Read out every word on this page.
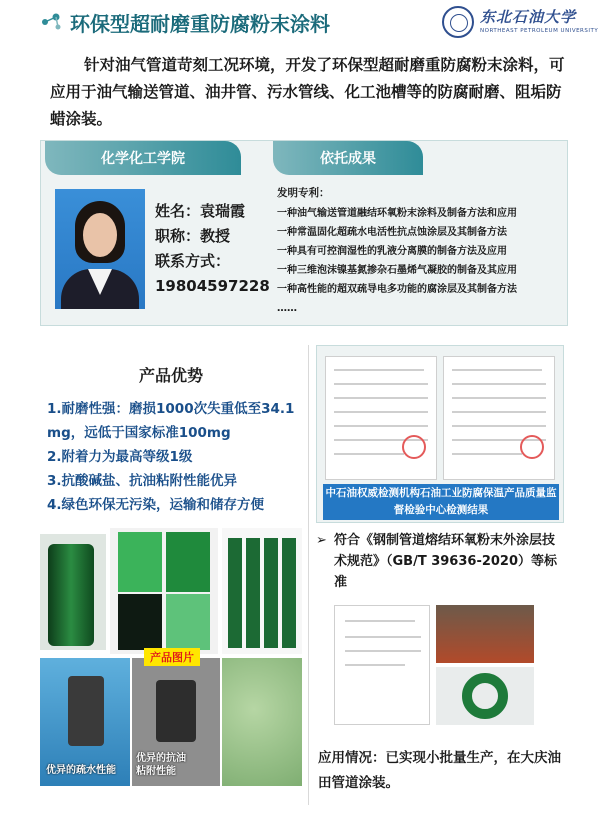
环保型超耐磨重防腐粉末涂料	东北石油大学
NORTHEAST PETROLEUM UNIVERSITY

针对油气管道苛刻工况环境，开发了环保型超耐磨重防腐粉末涂料，可应用于油气输送管道、油井管、污水管线、化工池槽等的防腐耐磨、阻垢防蜡涂装。

化学化工学院	依托成果
姓名：袁瑞霞
职称：教授
联系方式：
19804597228
发明专利：
一种油气输送管道融结环氧粉末涂料及制备方法和应用
一种常温固化超疏水电活性抗点蚀涂层及其制备方法
一种具有可控润湿性的乳液分离膜的制备方法及应用
一种三维泡沫镍基氮掺杂石墨烯气凝胶的制备及其应用
一种高性能的超双疏导电多功能的腐涂层及其制备方法
……
产品优势
1.耐磨性强：磨损1000次失重低至34.1 mg，远低于国家标准100mg
2.附着力为最高等级1级
3.抗酸碱盐、抗油粘附性能优异
4.绿色环保无污染，运输和储存方便
产品图片
优异的疏水性能
优异的抗油
粘附性能
中石油权威检测机构石油工业防腐保温产品质量监督检验中心检测结果
➢ 符合《钢制管道熔结环氧粉末外涂层技术规范》（GB/T 39636-2020）等标准
应用情况：已实现小批量生产，在大庆油田管道涂装。
